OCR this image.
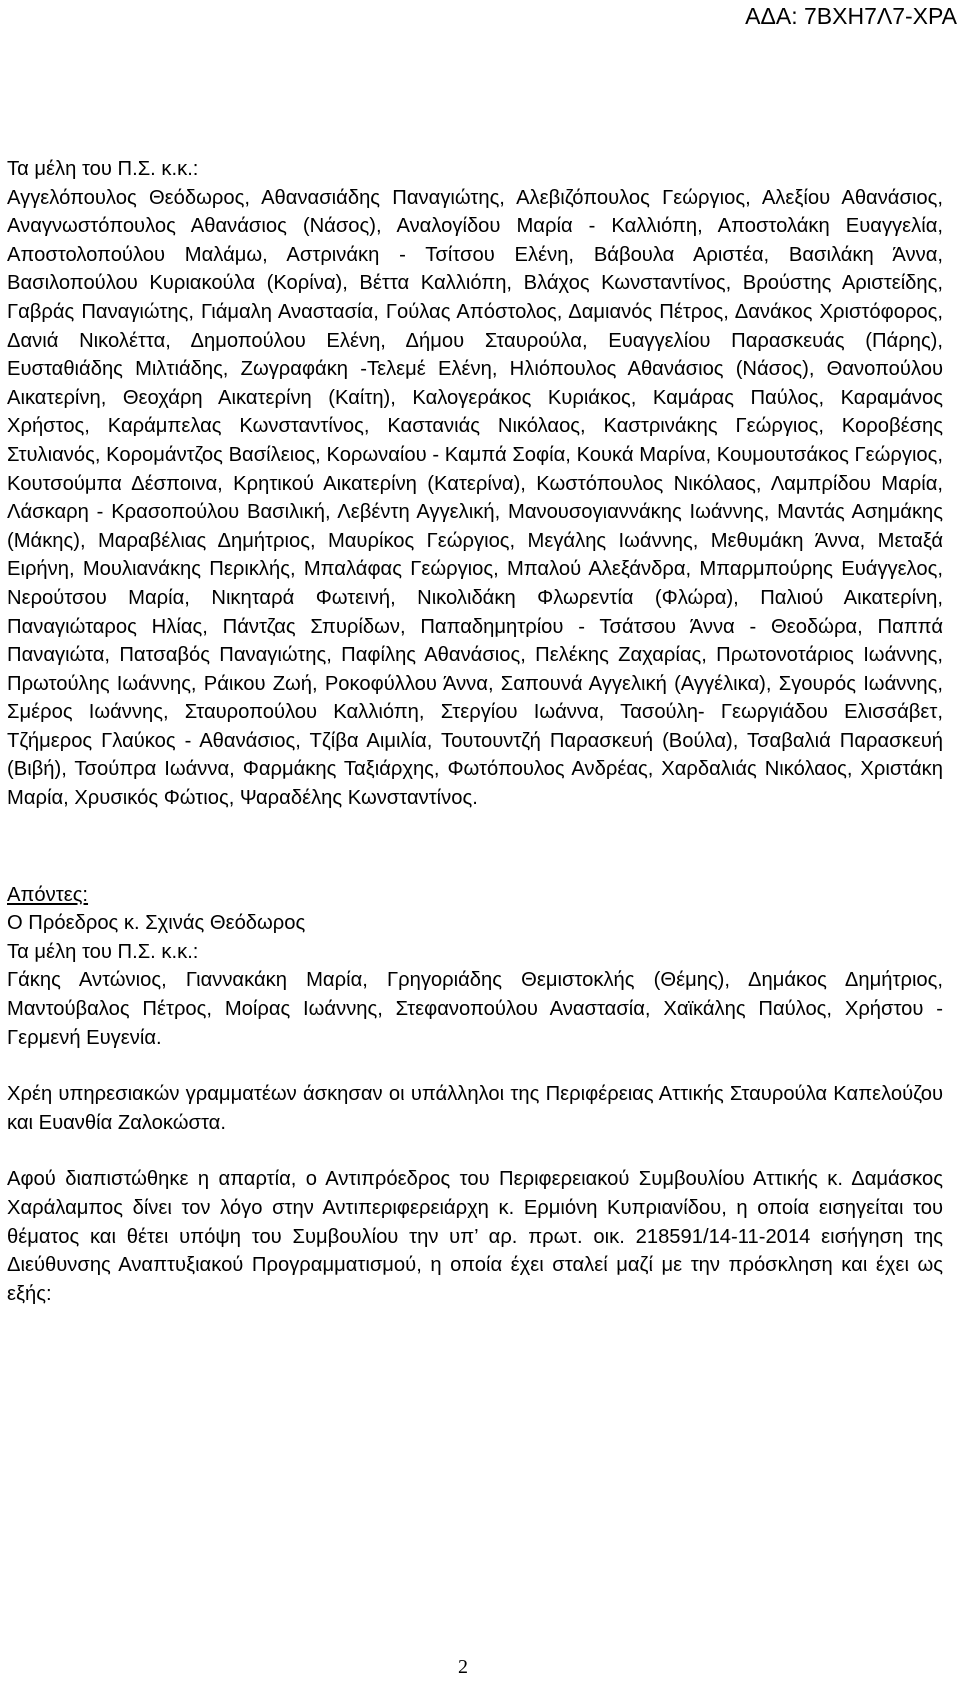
ΑΔΑ: 7ΒΧΗ7Λ7-ΧΡΑ

Τα μέλη του Π.Σ. κ.κ.:

Αγγελόπουλος Θεόδωρος, Αθανασιάδης Παναγιώτης, Αλεβιζόπουλος Γεώργιος, Αλεξίου Αθανάσιος, Αναγνωστόπουλος Αθανάσιος (Νάσος), Αναλογίδου Μαρία - Καλλιόπη, Αποστολάκη Ευαγγελία, Αποστολοπούλου Μαλάμω, Αστρινάκη - Τσίτσου Ελένη, Βάβουλα Αριστέα, Βασιλάκη Άννα, Βασιλοπούλου Κυριακούλα (Κορίνα), Βέττα Καλλιόπη, Βλάχος Κωνσταντίνος, Βρούστης Αριστείδης, Γαβράς Παναγιώτης, Γιάμαλη Αναστασία, Γούλας Απόστολος, Δαμιανός Πέτρος, Δανάκος Χριστόφορος, Δανιά Νικολέττα, Δημοπούλου Ελένη, Δήμου Σταυρούλα, Ευαγγελίου Παρασκευάς (Πάρης), Ευσταθιάδης Μιλτιάδης, Ζωγραφάκη -Τελεμέ Ελένη, Ηλιόπουλος Αθανάσιος (Νάσος), Θανοπούλου Αικατερίνη, Θεοχάρη Αικατερίνη (Καίτη), Καλογεράκος Κυριάκος, Καμάρας Παύλος, Καραμάνος Χρήστος, Καράμπελας Κωνσταντίνος, Καστανιάς Νικόλαος, Καστρινάκης Γεώργιος, Κοροβέσης Στυλιανός, Κορομάντζος Βασίλειος, Κορωναίου - Καμπά Σοφία, Κουκά Μαρίνα, Κουμουτσάκος Γεώργιος, Κουτσούμπα Δέσποινα, Κρητικού Αικατερίνη (Κατερίνα), Κωστόπουλος Νικόλαος, Λαμπρίδου Μαρία, Λάσκαρη - Κρασοπούλου Βασιλική, Λεβέντη Αγγελική, Μανουσογιαννάκης Ιωάννης, Μαντάς Ασημάκης (Μάκης), Μαραβέλιας Δημήτριος, Μαυρίκος Γεώργιος, Μεγάλης Ιωάννης, Μεθυμάκη Άννα, Μεταξά Ειρήνη, Μουλιανάκης Περικλής, Μπαλάφας Γεώργιος, Μπαλού Αλεξάνδρα, Μπαρμπούρης Ευάγγελος, Νερούτσου Μαρία, Νικηταρά Φωτεινή, Νικολιδάκη Φλωρεντία (Φλώρα), Παλιού Αικατερίνη, Παναγιώταρος Ηλίας, Πάντζας Σπυρίδων, Παπαδημητρίου - Τσάτσου Άννα - Θεοδώρα, Παππά Παναγιώτα, Πατσαβός Παναγιώτης, Παφίλης Αθανάσιος, Πελέκης Ζαχαρίας, Πρωτονοτάριος Ιωάννης, Πρωτούλης Ιωάννης, Ράικου Ζωή, Ροκοφύλλου Άννα, Σαπουνά Αγγελική (Αγγέλικα), Σγουρός Ιωάννης, Σμέρος Ιωάννης, Σταυροπούλου Καλλιόπη, Στεργίου Ιωάννα, Τασούλη- Γεωργιάδου Ελισσάβετ, Τζήμερος Γλαύκος - Αθανάσιος, Τζίβα Αιμιλία, Τουτουντζή Παρασκευή (Βούλα), Τσαβαλιά Παρασκευή (Βιβή), Τσούπρα Ιωάννα, Φαρμάκης Ταξιάρχης, Φωτόπουλος Ανδρέας, Χαρδαλιάς Νικόλαος, Χριστάκη Μαρία, Χρυσικός Φώτιος, Ψαραδέλης Κωνσταντίνος.

Απόντες:

Ο Πρόεδρος κ. Σχινάς Θεόδωρος

Τα μέλη του Π.Σ. κ.κ.:

Γάκης Αντώνιος, Γιαννακάκη Μαρία, Γρηγοριάδης Θεμιστοκλής (Θέμης), Δημάκος Δημήτριος, Μαντούβαλος Πέτρος, Μοίρας Ιωάννης, Στεφανοπούλου Αναστασία, Χαϊκάλης Παύλος, Χρήστου - Γερμενή Ευγενία.

Χρέη υπηρεσιακών γραμματέων άσκησαν οι υπάλληλοι της Περιφέρειας Αττικής Σταυρούλα Καπελούζου και Ευανθία Ζαλοκώστα.

Αφού διαπιστώθηκε η απαρτία, ο Αντιπρόεδρος του Περιφερειακού Συμβουλίου Αττικής κ. Δαμάσκος Χαράλαμπος δίνει τον λόγο στην Αντιπεριφερειάρχη κ. Ερμιόνη Κυπριανίδου, η οποία εισηγείται του θέματος και θέτει υπόψη του Συμβουλίου την υπ’ αρ. πρωτ. οικ. 218591/14-11-2014 εισήγηση της Διεύθυνσης Αναπτυξιακού Προγραμματισμού, η οποία έχει σταλεί μαζί με την πρόσκληση και έχει ως εξής:

2
